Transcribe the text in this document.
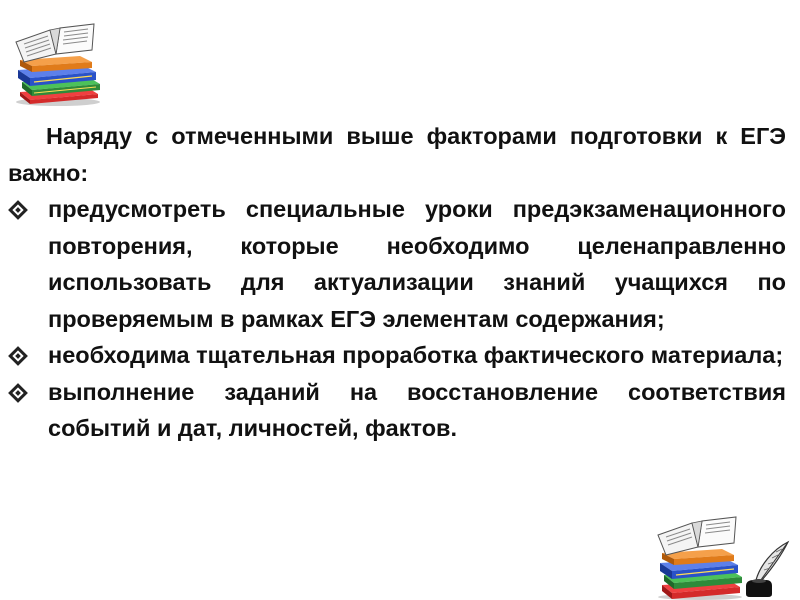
Наряду с отмеченными выше факторами подготовки к ЕГЭ важно:

предусмотреть специальные уроки предэкзаменационного повторения, которые необходимо целенаправленно использовать для актуализации знаний учащихся по проверяемым в рамках ЕГЭ элементам содержания;
необходима тщательная проработка фактического материала;
выполнение заданий на восстановление соответствия событий и дат, личностей, фактов.
